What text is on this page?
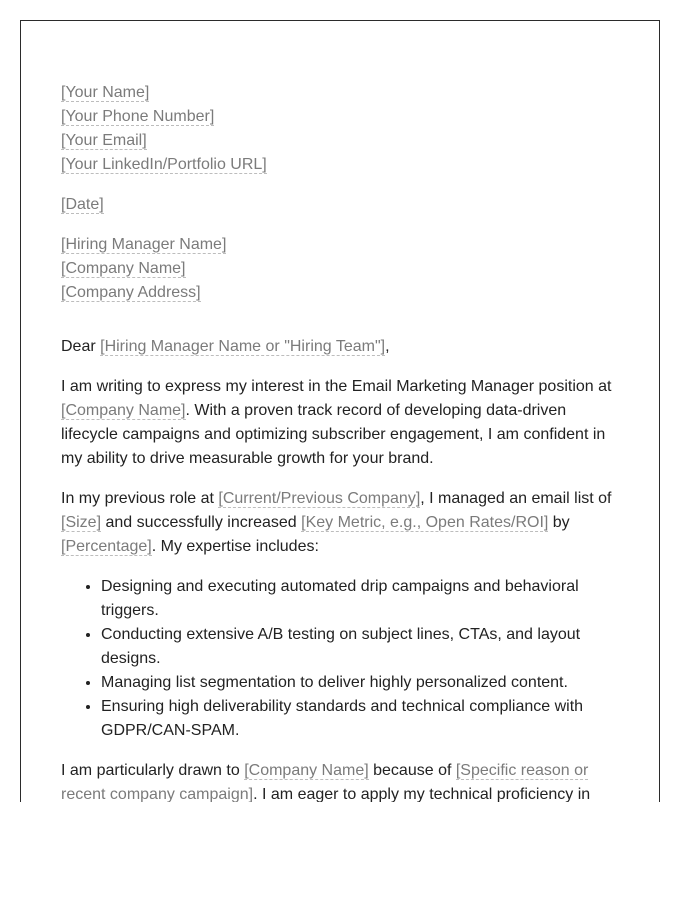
[Your Name]
[Your Phone Number]
[Your Email]
[Your LinkedIn/Portfolio URL]
[Date]
[Hiring Manager Name]
[Company Name]
[Company Address]

Dear [Hiring Manager Name or "Hiring Team"],

I am writing to express my interest in the Email Marketing Manager position at [Company Name]. With a proven track record of developing data-driven lifecycle campaigns and optimizing subscriber engagement, I am confident in my ability to drive measurable growth for your brand.

In my previous role at [Current/Previous Company], I managed an email list of [Size] and successfully increased [Key Metric, e.g., Open Rates/ROI] by [Percentage]. My expertise includes:

• Designing and executing automated drip campaigns and behavioral triggers.
• Conducting extensive A/B testing on subject lines, CTAs, and layout designs.
• Managing list segmentation to deliver highly personalized content.
• Ensuring high deliverability standards and technical compliance with GDPR/CAN-SPAM.

I am particularly drawn to [Company Name] because of [Specific reason or recent company campaign]. I am eager to apply my technical proficiency in
